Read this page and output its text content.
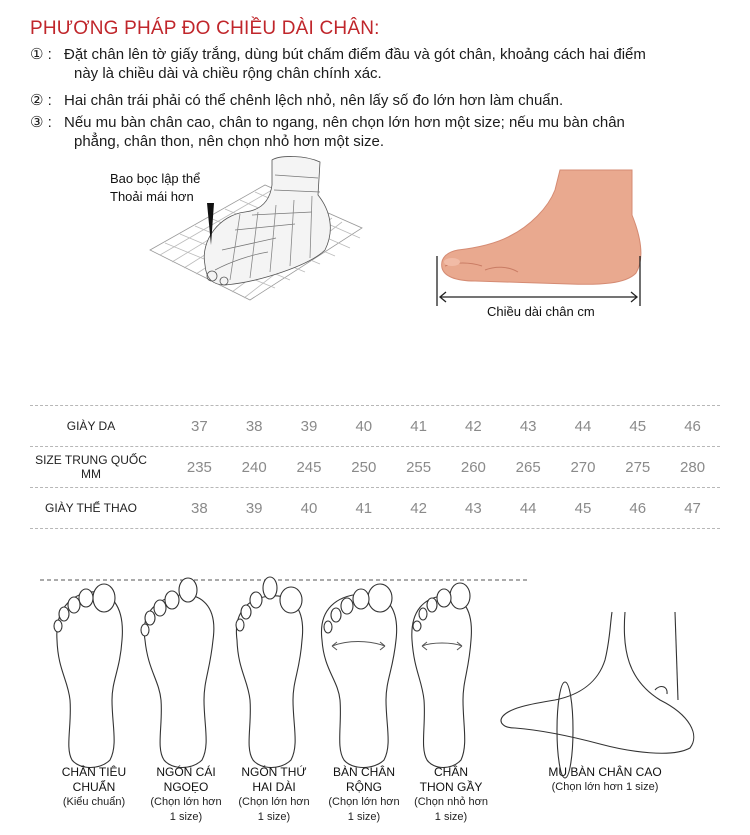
PHƯƠNG PHÁP ĐO CHIỀU DÀI CHÂN:
① : Đặt chân lên tờ giấy trắng, dùng bút chấm điểm đầu và gót chân, khoảng cách hai điểm
này là chiều dài và chiều rộng chân chính xác.
② : Hai chân trái phải có thể chênh lệch nhỏ, nên lấy số đo lớn hơn làm chuẩn.
③ : Nếu mu bàn chân cao, chân to ngang, nên chọn lớn hơn một size; nếu mu bàn chân
phẳng, chân thon, nên chọn nhỏ hơn một size.
Bao bọc lập thể
Thoải mái hơn
Chiều dài chân cm
GIÀY DA	37	38	39	40	41	42	43	44	45	46
SIZE TRUNG QUỐC MM	235	240	245	250	255	260	265	270	275	280
GIÀY THỂ THAO	38	39	40	41	42	43	44	45	46	47
CHÂN TIÊU
CHUẨN
(Kiểu chuẩn)
NGÓN CÁI
NGOẸO
(Chọn lớn hơn
1 size)
NGÓN THỨ
HAI DÀI
(Chọn lớn hơn
1 size)
BÀN CHÂN
RỘNG
(Chọn lớn hơn
1 size)
CHÂN
THON GẦY
(Chọn nhỏ hơn
1 size)
MU BÀN CHÂN CAO
(Chọn lớn hơn 1 size)
